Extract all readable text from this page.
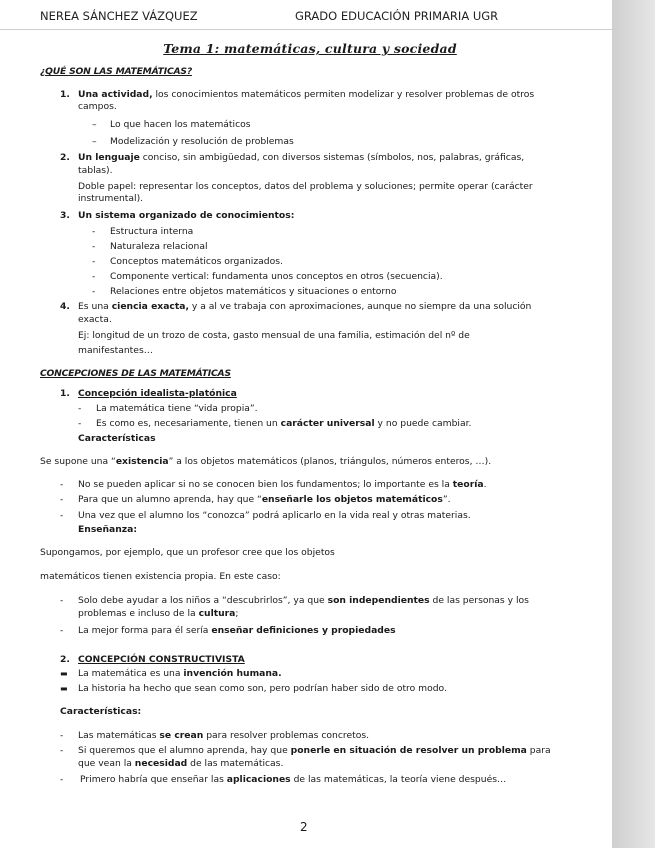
NEREA SÁNCHEZ VÁZQUEZ	GRADO EDUCACIÓN PRIMARIA UGR
Tema 1: matemáticas, cultura y sociedad
¿QUÉ SON LAS MATEMÁTICAS?
1. Una actividad, los conocimientos matemáticos permiten modelizar y resolver problemas de otros
campos.
– Lo que hacen los matemáticos
– Modelización y resolución de problemas
2. Un lenguaje conciso, sin ambigüedad, con diversos sistemas (símbolos, nos, palabras, gráficas,
tablas).
Doble papel: representar los conceptos, datos del problema y soluciones; permite operar (carácter
instrumental).
3. Un sistema organizado de conocimientos:
- Estructura interna
- Naturaleza relacional
- Conceptos matemáticos organizados.
- Componente vertical: fundamenta unos conceptos en otros (secuencia).
- Relaciones entre objetos matemáticos y situaciones o entorno
4. Es una ciencia exacta, y a al ve trabaja con aproximaciones, aunque no siempre da una solución
exacta.
Ej: longitud de un trozo de costa, gasto mensual de una familia, estimación del nº de
manifestantes…
CONCEPCIONES DE LAS MATEMÁTICAS
1. Concepción idealista-platónica
- La matemática tiene “vida propia”.
- Es como es, necesariamente, tienen un carácter universal y no puede cambiar.
Características
Se supone una “existencia” a los objetos matemáticos (planos, triángulos, números enteros, …).
- No se pueden aplicar si no se conocen bien los fundamentos; lo importante es la teoría.
- Para que un alumno aprenda, hay que “enseñarle los objetos matemáticos”.
- Una vez que el alumno los “conozca” podrá aplicarlo en la vida real y otras materias.
Enseñanza:
Supongamos, por ejemplo, que un profesor cree que los objetos
matemáticos tienen existencia propia. En este caso:
- Solo debe ayudar a los niños a “descubrirlos”, ya que son independientes de las personas y los
problemas e incluso de la cultura;
- La mejor forma para él sería enseñar definiciones y propiedades
2. CONCEPCIÓN CONSTRUCTIVISTA
▬ La matemática es una invención humana.
▬ La historia ha hecho que sean como son, pero podrían haber sido de otro modo.
Características:
- Las matemáticas se crean para resolver problemas concretos.
- Si queremos que el alumno aprenda, hay que ponerle en situación de resolver un problema para
que vean la necesidad de las matemáticas.
- Primero habría que enseñar las aplicaciones de las matemáticas, la teoría viene después…
2
